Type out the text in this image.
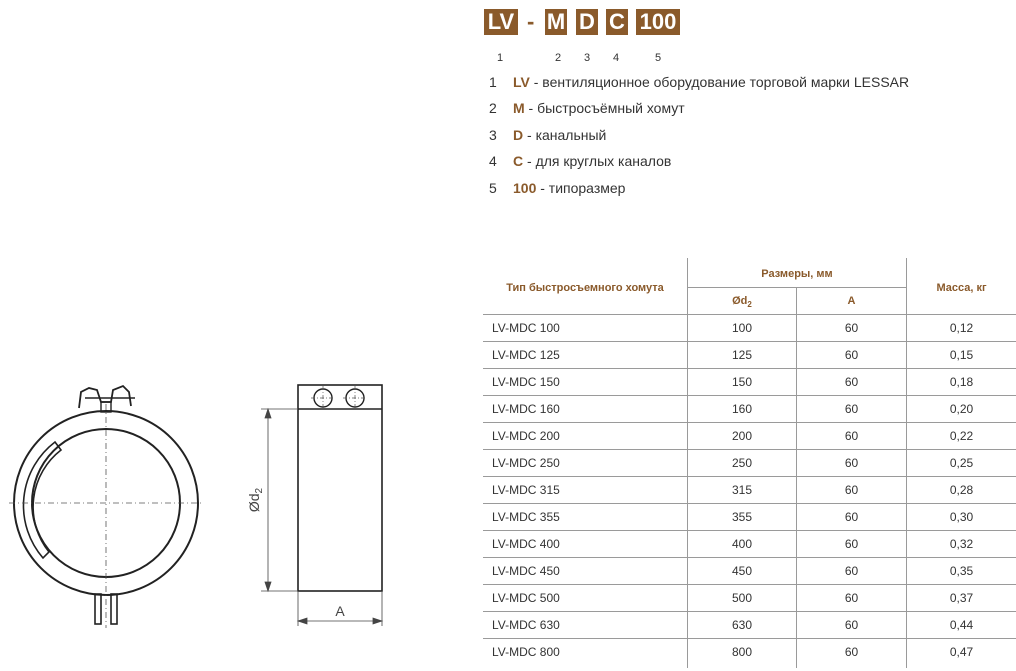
LV - M D C 100
1	2	3	4	5
1 LV - вентиляционное оборудование торговой марки LESSAR
2 M - быстросъёмный хомут
3 D - канальный
4 C - для круглых каналов
5 100 - типоразмер
Тип быстросъемного хомута
Размеры, мм
$Ød_2$	A
Масса, кг
LV-MDC 100	100	60	0,12
LV-MDC 125	125	60	0,15
LV-MDC 150	150	60	0,18
LV-MDC 160	160	60	0,20
LV-MDC 200	200	60	0,22
LV-MDC 250	250	60	0,25
LV-MDC 315	315	60	0,28
LV-MDC 355	355	60	0,30
LV-MDC 400	400	60	0,32
LV-MDC 450	450	60	0,35
LV-MDC 500	500	60	0,37
LV-MDC 630	630	60	0,44
LV-MDC 800	800	60	0,47
$Ød_2$
A
